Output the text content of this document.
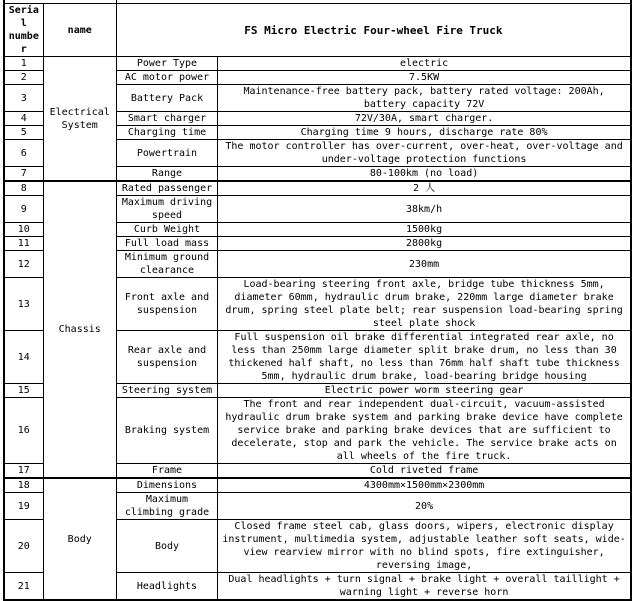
Serial number	name	FS Micro Electric Four-wheel Fire Truck	
1	Electrical System	Power Type	electric
2		AC motor power	7.5KW
3		Battery Pack	Maintenance-free battery pack, battery rated voltage: 200Ah, battery capacity 72V
4		Smart charger	72V/30A, smart charger.
5		Charging time	Charging time 9 hours, discharge rate 80%
6		Powertrain	The motor controller has over-current, over-heat, over-voltage and under-voltage protection functions
7		Range	80-100km (no load)
8	Chassis	Rated passenger	2 人
9		Maximum driving speed	38km/h
10		Curb Weight	1500kg
11		Full load mass	2800kg
12		Minimum ground clearance	230mm
13		Front axle and suspension	Load-bearing steering front axle, bridge tube thickness 5mm, diameter 60mm, hydraulic drum brake, 220mm large diameter brake drum, spring steel plate belt; rear suspension load-bearing spring steel plate shock
14		Rear axle and suspension	Full suspension oil brake differential integrated rear axle, no less than 250mm large diameter split brake drum, no less than 30 thickened half shaft, no less than 76mm half shaft tube thickness 5mm, hydraulic drum brake, load-bearing bridge housing
15		Steering system	Electric power worm steering gear
16		Braking system	The front and rear independent dual-circuit, vacuum-assisted hydraulic drum brake system and parking brake device have complete service brake and parking brake devices that are sufficient to decelerate, stop and park the vehicle. The service brake acts on all wheels of the fire truck.
17		Frame	Cold riveted frame
18	Body	Dimensions	4300mm×1500mm×2300mm
19		Maximum climbing grade	20%
20		Body	Closed frame steel cab, glass doors, wipers, electronic display instrument, multimedia system, adjustable leather soft seats, wide-view rearview mirror with no blind spots, fire extinguisher, reversing image,
21		Headlights	Dual headlights + turn signal + brake light + overall taillight + warning light + reverse horn
